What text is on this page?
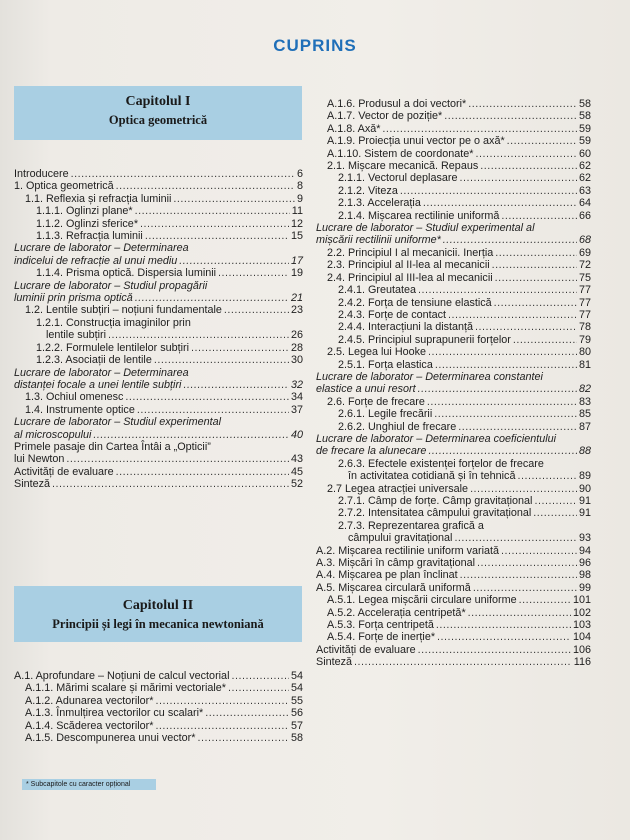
CUPRINS
Capitolul I
Optica geometrică
Introducere .....	6
1. Optica geometrică .....	8
1.1. Reflexia și refracția luminii .....	9
1.1.1. Oglinzi plane* .....	11
1.1.2. Oglinzi sferice* .....	12
1.1.3. Refracția luminii .....	15
Lucrare de laborator – Determinarea
indicelui de refracție al unui mediu .....	17
1.1.4. Prisma optică. Dispersia luminii .....	19
Lucrare de laborator – Studiul propagării
luminii prin prisma optică .....	21
1.2. Lentile subțiri – noțiuni fundamentale .....	23
1.2.1. Construcția imaginilor prin
lentile subțiri .....	26
1.2.2. Formulele lentilelor subțiri .....	28
1.2.3. Asociații de lentile .....	30
Lucrare de laborator – Determinarea
distanței focale a unei lentile subțiri .....	32
1.3. Ochiul omenesc .....	34
1.4. Instrumente optice .....	37
Lucrare de laborator – Studiul experimental
al microscopului .....	40
Primele pasaje din Cartea Întâi a „Opticii”
lui Newton .....	43
Activități de evaluare .....	45
Sinteză .....	52
Capitolul II
Principii și legi în mecanica newtoniană
A.1. Aprofundare – Noțiuni de calcul vectorial .....	54
A.1.1. Mărimi scalare și mărimi vectoriale* .....	54
A.1.2. Adunarea vectorilor* .....	55
A.1.3. Înmulțirea vectorilor cu scalari* .....	56
A.1.4. Scăderea vectorilor* .....	57
A.1.5. Descompunerea unui vector* .....	58
A.1.6. Produsul a doi vectori* .....	58
A.1.7. Vector de poziție* .....	58
A.1.8. Axă* .....	59
A.1.9. Proiecția unui vector pe o axă* .....	59
A.1.10. Sistem de coordonate* .....	60
2.1. Mișcare mecanică. Repaus .....	62
2.1.1. Vectorul deplasare .....	62
2.1.2. Viteza .....	63
2.1.3. Accelerația .....	64
2.1.4. Mișcarea rectilinie uniformă .....	66
Lucrare de laborator – Studiul experimental al
mișcării rectilinii uniforme* .....	68
2.2. Principiul I al mecanicii. Inerția .....	69
2.3. Principiul al II-lea al mecanicii .....	72
2.4. Principiul al III-lea al mecanicii .....	75
2.4.1. Greutatea .....	77
2.4.2. Forța de tensiune elastică .....	77
2.4.3. Forțe de contact .....	77
2.4.4. Interacțiuni la distanță .....	78
2.4.5. Principiul suprapunerii forțelor .....	79
2.5. Legea lui Hooke .....	80
2.5.1. Forța elastica .....	81
Lucrare de laborator – Determinarea constantei
elastice a unui resort .....	82
2.6. Forțe de frecare .....	83
2.6.1. Legile frecării .....	85
2.6.2. Unghiul de frecare .....	87
Lucrare de laborator – Determinarea coeficientului
de frecare la alunecare .....	88
2.6.3. Efectele existenței forțelor de frecare
în activitatea cotidiană și în tehnică .....	89
2.7 Legea atracției universale .....	90
2.7.1. Câmp de forțe. Câmp gravitațional .....	91
2.7.2. Intensitatea câmpului gravitațional .....	91
2.7.3. Reprezentarea grafică a
câmpului gravitațional .....	93
A.2. Mișcarea rectilinie uniform variată .....	94
A.3. Mișcări în câmp gravitațional .....	96
A.4. Mișcarea pe plan înclinat .....	98
A.5. Mișcarea circulară uniformă .....	99
A.5.1. Legea mișcării circulare uniforme .....	101
A.5.2. Accelerația centripetă* .....	102
A.5.3. Forța centripetă .....	103
A.5.4. Forțe de inerție* .....	104
Activități de evaluare .....	106
Sinteză .....	116
* Subcapitole cu caracter opțional
